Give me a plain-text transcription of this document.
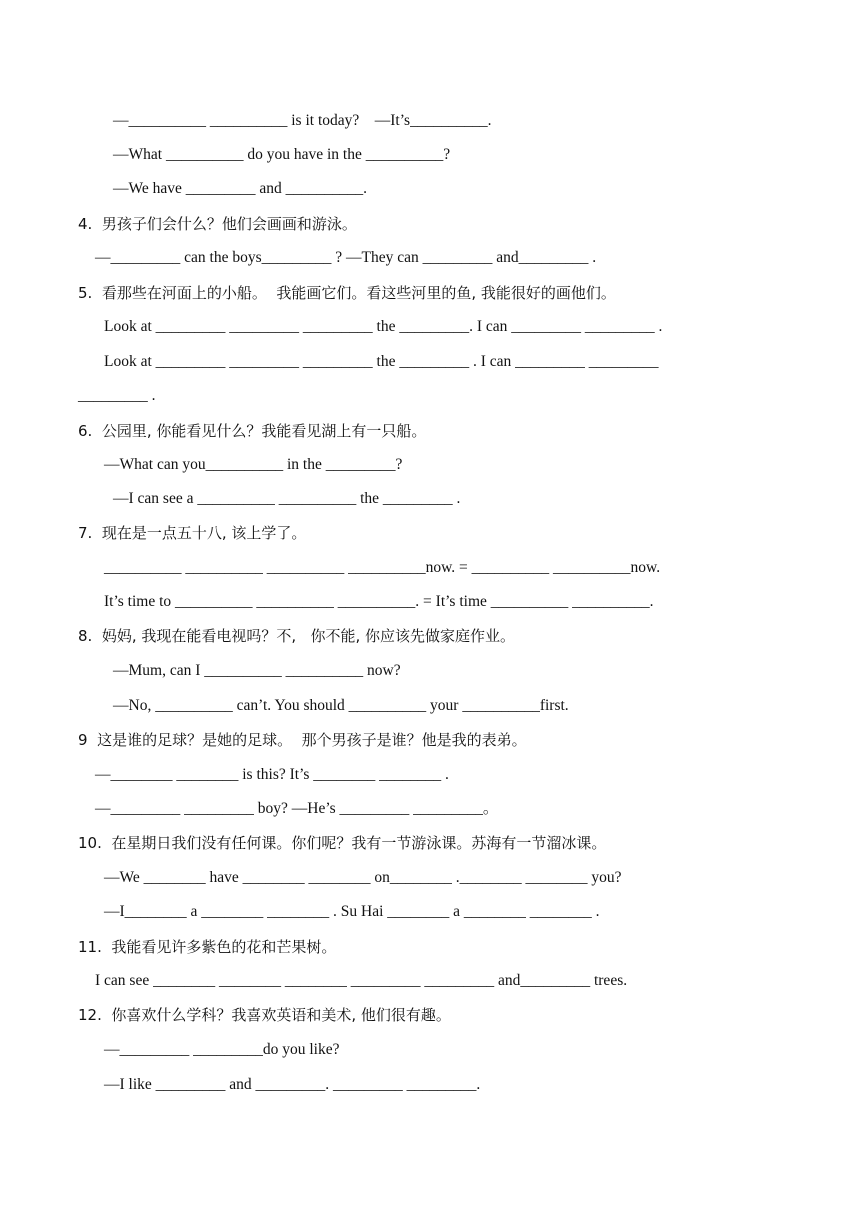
—__________ __________ is it today?    —It’s__________.
—What __________ do you have in the __________?
—We have _________ and __________.
4.  男孩子们会什么？他们会画画和游泳。
—_________ can the boys_________ ? —They can _________ and_________ .
5.  看那些在河面上的小船。  我能画它们。看这些河里的鱼, 我能很好的画他们。
Look at _________ _________ _________ the _________. I can _________ _________ .
Look at _________ _________ _________ the _________ . I can _________ _________
_________ .
6.  公园里, 你能看见什么？我能看见湖上有一只船。
—What can you__________ in the _________?
—I can see a __________ __________ the _________ .
7.  现在是一点五十八, 该上学了。
__________ __________ __________ __________now. = __________ __________now.
It’s time to __________ __________ __________. = It’s time __________ __________.
8.  妈妈, 我现在能看电视吗？不,   你不能, 你应该先做家庭作业。
—Mum, can I __________ __________ now?
—No, __________ can’t. You should __________ your __________first.
9  这是谁的足球？是她的足球。  那个男孩子是谁？他是我的表弟。
—________ ________ is this? It’s ________ ________ .
—_________ _________ boy? —He’s _________ _________。
10.  在星期日我们没有任何课。你们呢？我有一节游泳课。苏海有一节溜冰课。
—We ________ have ________ ________ on________ .________ ________ you?
—I________ a ________ ________ . Su Hai ________ a ________ ________ .
11.  我能看见许多紫色的花和芒果树。
I can see ________ ________ ________ _________ _________ and_________ trees.
12.  你喜欢什么学科？我喜欢英语和美术, 他们很有趣。
—_________ _________do you like?
—I like _________ and _________. _________ _________.
